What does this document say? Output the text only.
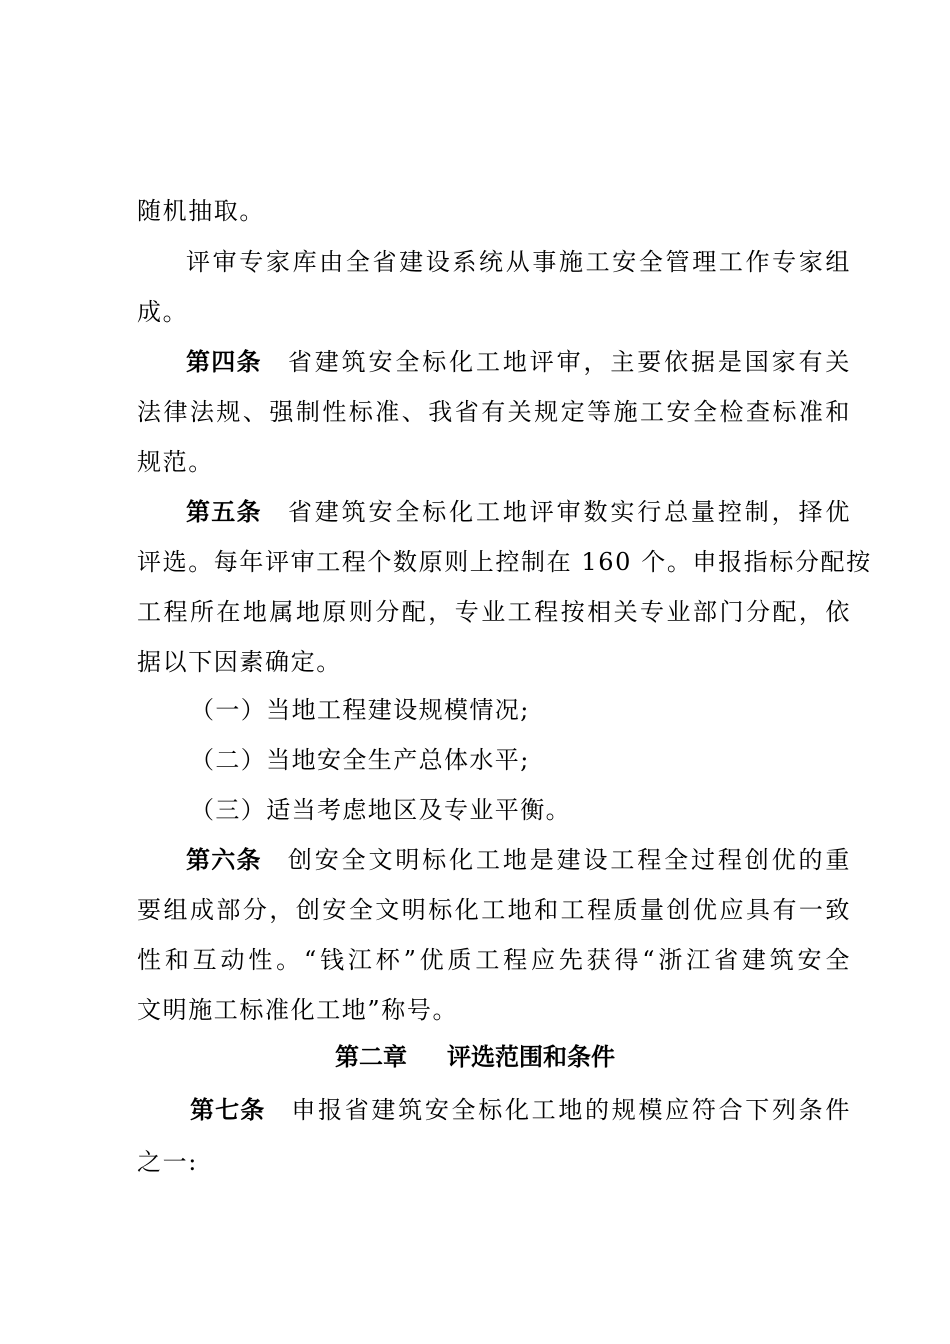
随机抽取。
评审专家库由全省建设系统从事施工安全管理工作专家组
成。
第四条 省建筑安全标化工地评审，主要依据是国家有关
法律法规、强制性标准、我省有关规定等施工安全检查标准和
规范。
第五条 省建筑安全标化工地评审数实行总量控制，择优
评选。每年评审工程个数原则上控制在 160 个。申报指标分配按
工程所在地属地原则分配，专业工程按相关专业部门分配，依
据以下因素确定。
（一）当地工程建设规模情况;
（二）当地安全生产总体水平;
（三）适当考虑地区及专业平衡。
第六条 创安全文明标化工地是建设工程全过程创优的重
要组成部分，创安全文明标化工地和工程质量创优应具有一致
性和互动性。“钱江杯”优质工程应先获得“浙江省建筑安全
文明施工标准化工地”称号。
第二章 评选范围和条件
第七条 申报省建筑安全标化工地的规模应符合下列条件
之一:
